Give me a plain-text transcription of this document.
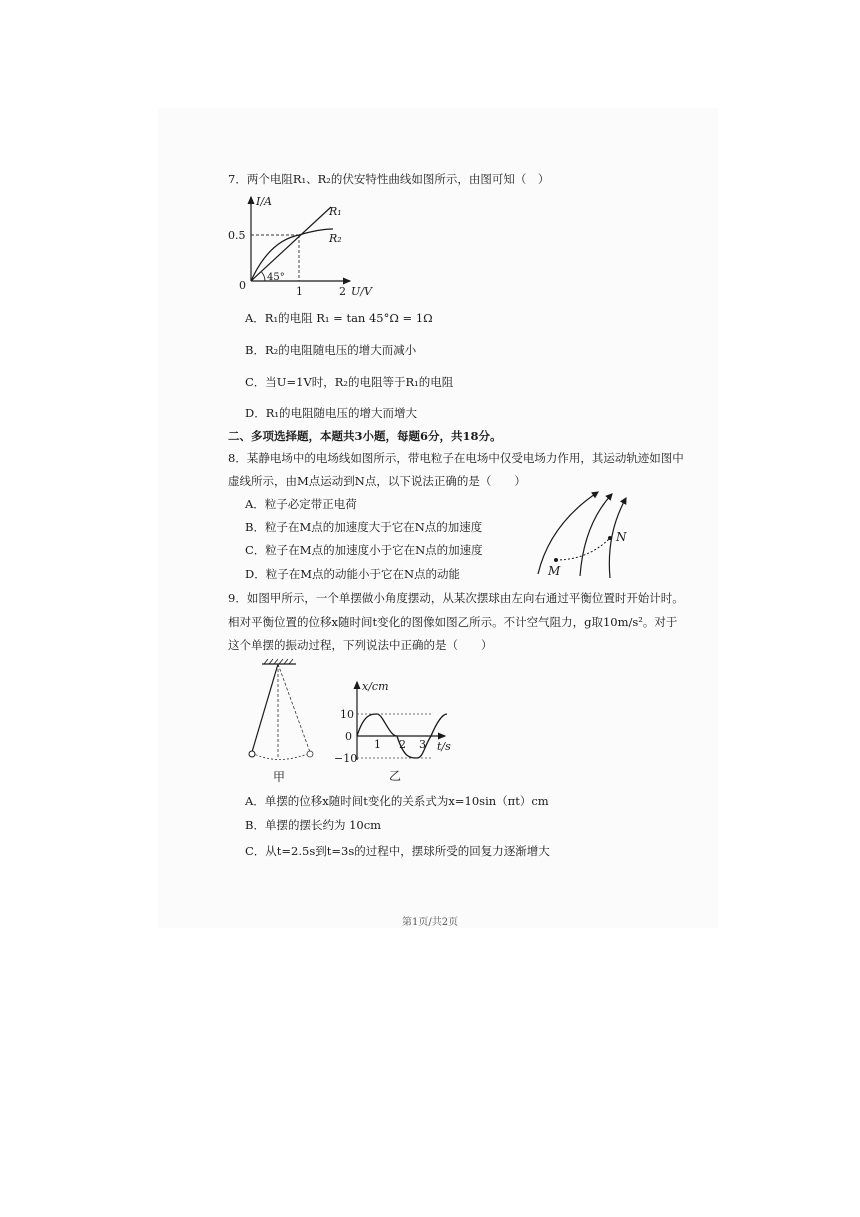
7．两个电阻R₁、R₂的伏安特性曲线如图所示，由图可知（　）
I/A
U/V
0.5
0	1	2
45°
R₁
R₂
A．R₁的电阻 R₁ = tan 45°Ω = 1Ω
B．R₂的电阻随电压的增大而减小
C．当U=1V时，R₂的电阻等于R₁的电阻
D．R₁的电阻随电压的增大而增大
二、多项选择题，本题共3小题，每题6分，共18分。
8．某静电场中的电场线如图所示，带电粒子在电场中仅受电场力作用，其运动轨迹如图中
虚线所示，由M点运动到N点，以下说法正确的是（　　）
A．粒子必定带正电荷
B．粒子在M点的加速度大于它在N点的加速度
C．粒子在M点的加速度小于它在N点的加速度
D．粒子在M点的动能小于它在N点的动能	M
N
9．如图甲所示，一个单摆做小角度摆动，从某次摆球由左向右通过平衡位置时开始计时。
相对平衡位置的位移x随时间t变化的图像如图乙所示。不计空气阻力，g取10m/s²。对于
这个单摆的振动过程，下列说法中正确的是（　　）
甲
x/cm
t/s
10
0
−10
1 2 3
乙
A．单摆的位移x随时间t变化的关系式为x=10sin（πt）cm
B．单摆的摆长约为 10cm
C．从t=2.5s到t=3s的过程中，摆球所受的回复力逐渐增大
第1页/共2页
